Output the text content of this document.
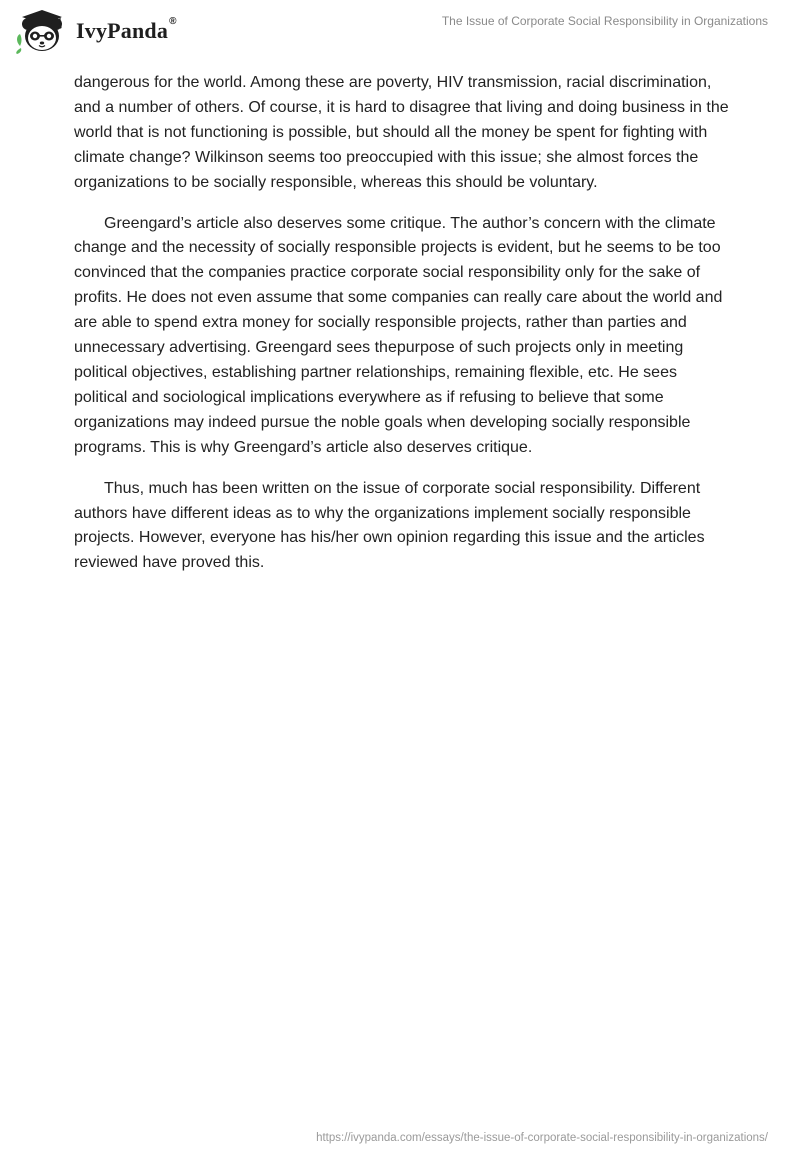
IvyPanda®	The Issue of Corporate Social Responsibility in Organizations

dangerous for the world. Among these are poverty, HIV transmission, racial discrimination, and a number of others. Of course, it is hard to disagree that living and doing business in the world that is not functioning is possible, but should all the money be spent for fighting with climate change? Wilkinson seems too preoccupied with this issue; she almost forces the organizations to be socially responsible, whereas this should be voluntary.

Greengard’s article also deserves some critique. The author’s concern with the climate change and the necessity of socially responsible projects is evident, but he seems to be too convinced that the companies practice corporate social responsibility only for the sake of profits. He does not even assume that some companies can really care about the world and are able to spend extra money for socially responsible projects, rather than parties and unnecessary advertising. Greengard sees thepurpose of such projects only in meeting political objectives, establishing partner relationships, remaining flexible, etc. He sees political and sociological implications everywhere as if refusing to believe that some organizations may indeed pursue the noble goals when developing socially responsible programs. This is why Greengard’s article also deserves critique.

Thus, much has been written on the issue of corporate social responsibility. Different authors have different ideas as to why the organizations implement socially responsible projects. However, everyone has his/her own opinion regarding this issue and the articles reviewed have proved this.

https://ivypanda.com/essays/the-issue-of-corporate-social-responsibility-in-organizations/
